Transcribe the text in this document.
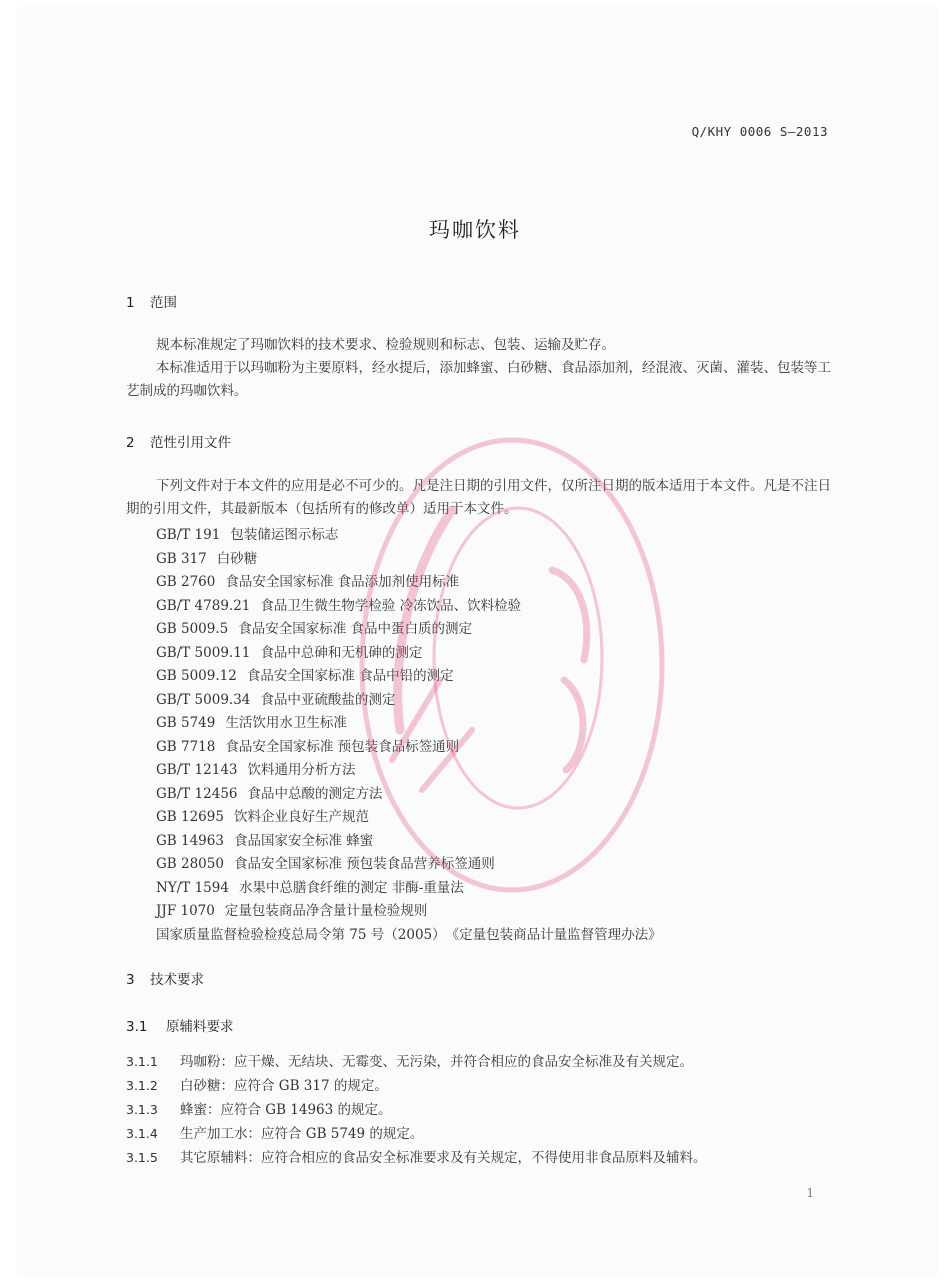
Q/KHY 0006 S—2013
玛咖饮料
1 范围

规本标准规定了玛咖饮料的技术要求、检验规则和标志、包装、运输及贮存。

本标准适用于以玛咖粉为主要原料，经水提后，添加蜂蜜、白砂糖、食品添加剂，经混液、灭菌、灌装、包装等工艺制成的玛咖饮料。

2 范性引用文件

下列文件对于本文件的应用是必不可少的。凡是注日期的引用文件，仅所注日期的版本适用于本文件。凡是不注日期的引用文件，其最新版本（包括所有的修改单）适用于本文件。

GB/T 191 包装储运图示标志
GB 317 白砂糖
GB 2760 食品安全国家标准 食品添加剂使用标准
GB/T 4789.21 食品卫生微生物学检验 冷冻饮品、饮料检验
GB 5009.5 食品安全国家标准 食品中蛋白质的测定
GB/T 5009.11 食品中总砷和无机砷的测定
GB 5009.12 食品安全国家标准 食品中铅的测定
GB/T 5009.34 食品中亚硫酸盐的测定
GB 5749 生活饮用水卫生标准
GB 7718 食品安全国家标准 预包装食品标签通则
GB/T 12143 饮料通用分析方法
GB/T 12456 食品中总酸的测定方法
GB 12695 饮料企业良好生产规范
GB 14963 食品国家安全标准 蜂蜜
GB 28050 食品安全国家标准 预包装食品营养标签通则
NY/T 1594 水果中总膳食纤维的测定 非酶-重量法
JJF 1070 定量包装商品净含量计量检验规则
国家质量监督检验检疫总局令第 75 号（2005）《定量包装商品计量监督管理办法》
3 技术要求
3.1 原辅料要求
3.1.1 玛咖粉：应干燥、无结块、无霉变、无污染，并符合相应的食品安全标准及有关规定。
3.1.2 白砂糖：应符合 GB 317 的规定。
3.1.3 蜂蜜：应符合 GB 14963 的规定。
3.1.4 生产加工水：应符合 GB 5749 的规定。
3.1.5 其它原辅料：应符合相应的食品安全标准要求及有关规定，不得使用非食品原料及辅料。
1
